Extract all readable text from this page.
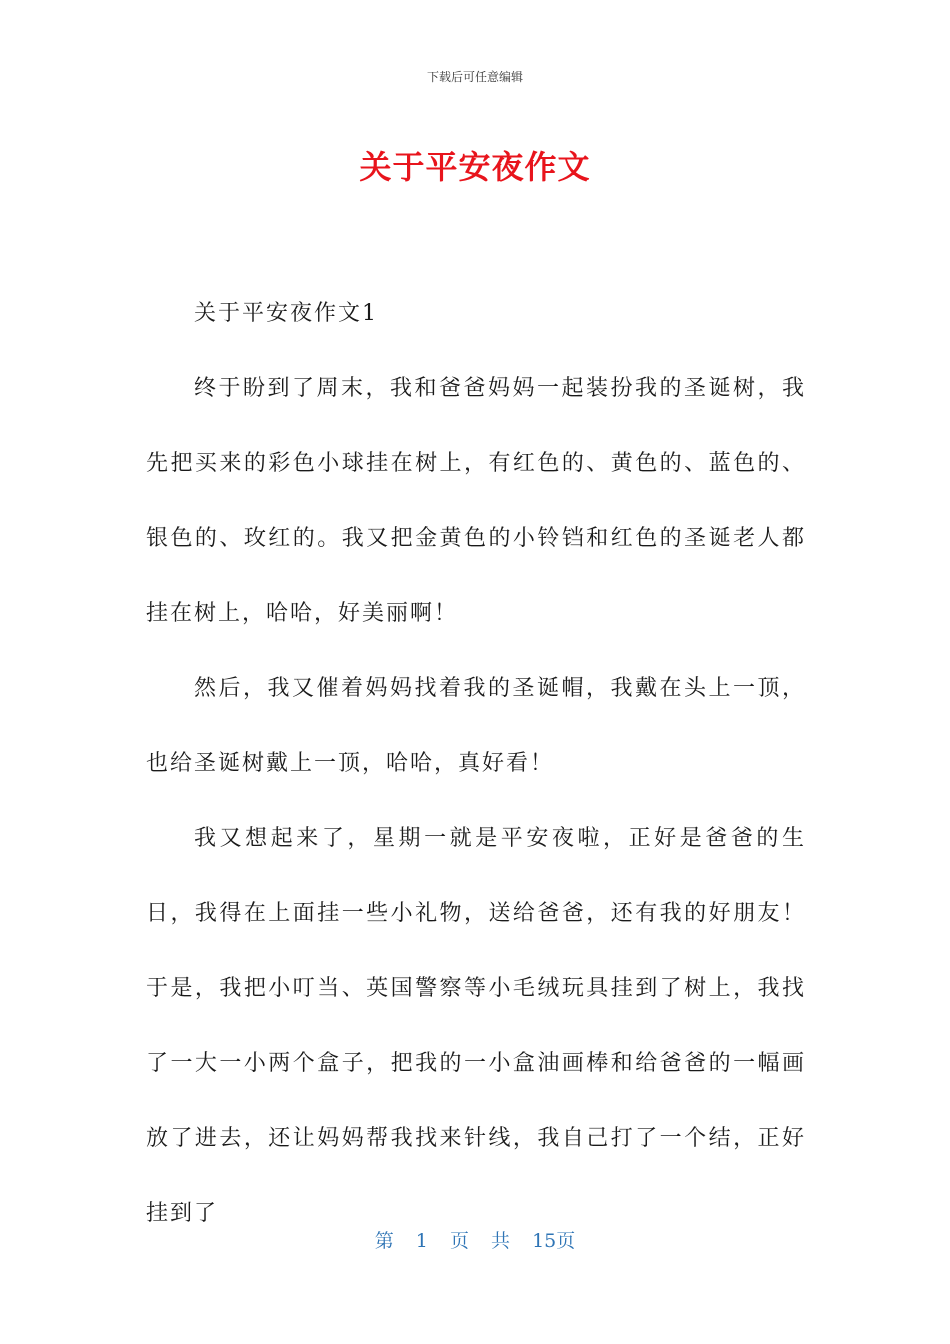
下载后可任意编辑
关于平安夜作文

关于平安夜作文1

终于盼到了周末，我和爸爸妈妈一起装扮我的圣诞树，我先把买来的彩色小球挂在树上，有红色的、黄色的、蓝色的、银色的、玫红的。我又把金黄色的小铃铛和红色的圣诞老人都挂在树上，哈哈，好美丽啊！

然后，我又催着妈妈找着我的圣诞帽，我戴在头上一顶，也给圣诞树戴上一顶，哈哈，真好看！

我又想起来了，星期一就是平安夜啦，正好是爸爸的生日，我得在上面挂一些小礼物，送给爸爸，还有我的好朋友！于是，我把小叮当、英国警察等小毛绒玩具挂到了树上，我找了一大一小两个盒子，把我的一小盒油画棒和给爸爸的一幅画放了进去，还让妈妈帮我找来针线，我自己打了一个结，正好挂到了

第 1 页 共 15页
